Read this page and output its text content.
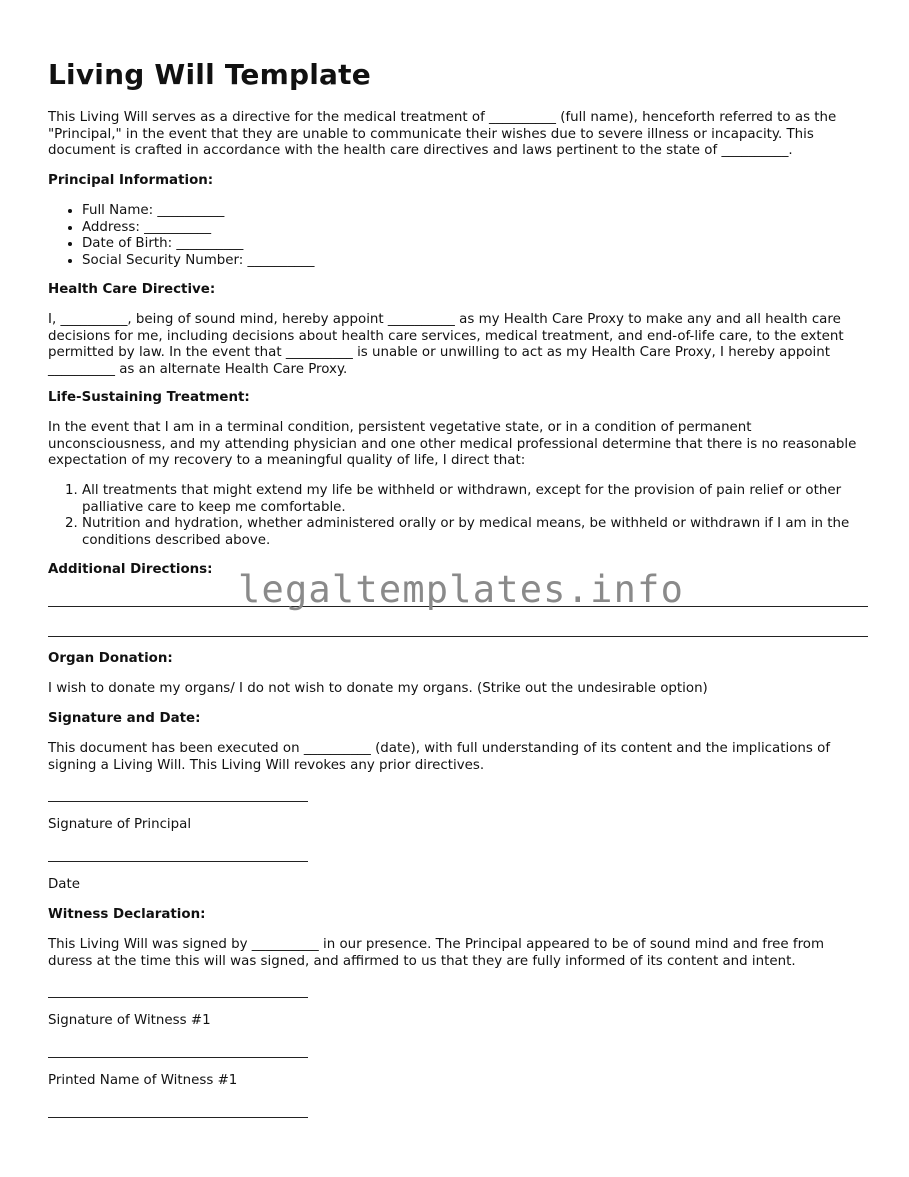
Living Will Template

This Living Will serves as a directive for the medical treatment of __________ (full name), henceforth referred to as the "Principal," in the event that they are unable to communicate their wishes due to severe illness or incapacity. This document is crafted in accordance with the health care directives and laws pertinent to the state of __________.

Principal Information:

• Full Name: __________
• Address: __________
• Date of Birth: __________
• Social Security Number: __________

Health Care Directive:

I, __________, being of sound mind, hereby appoint __________ as my Health Care Proxy to make any and all health care decisions for me, including decisions about health care services, medical treatment, and end-of-life care, to the extent permitted by law. In the event that __________ is unable or unwilling to act as my Health Care Proxy, I hereby appoint __________ as an alternate Health Care Proxy.

Life-Sustaining Treatment:

In the event that I am in a terminal condition, persistent vegetative state, or in a condition of permanent unconsciousness, and my attending physician and one other medical professional determine that there is no reasonable expectation of my recovery to a meaningful quality of life, I direct that:

1. All treatments that might extend my life be withheld or withdrawn, except for the provision of pain relief or other palliative care to keep me comfortable.
2. Nutrition and hydration, whether administered orally or by medical means, be withheld or withdrawn if I am in the conditions described above.

Additional Directions:

Organ Donation:

I wish to donate my organs/ I do not wish to donate my organs. (Strike out the undesirable option)

Signature and Date:

This document has been executed on __________ (date), with full understanding of its content and the implications of signing a Living Will. This Living Will revokes any prior directives.

Signature of Principal

Date

Witness Declaration:

This Living Will was signed by __________ in our presence. The Principal appeared to be of sound mind and free from duress at the time this will was signed, and affirmed to us that they are fully informed of its content and intent.

Signature of Witness #1

Printed Name of Witness #1

legaltemplates.info
